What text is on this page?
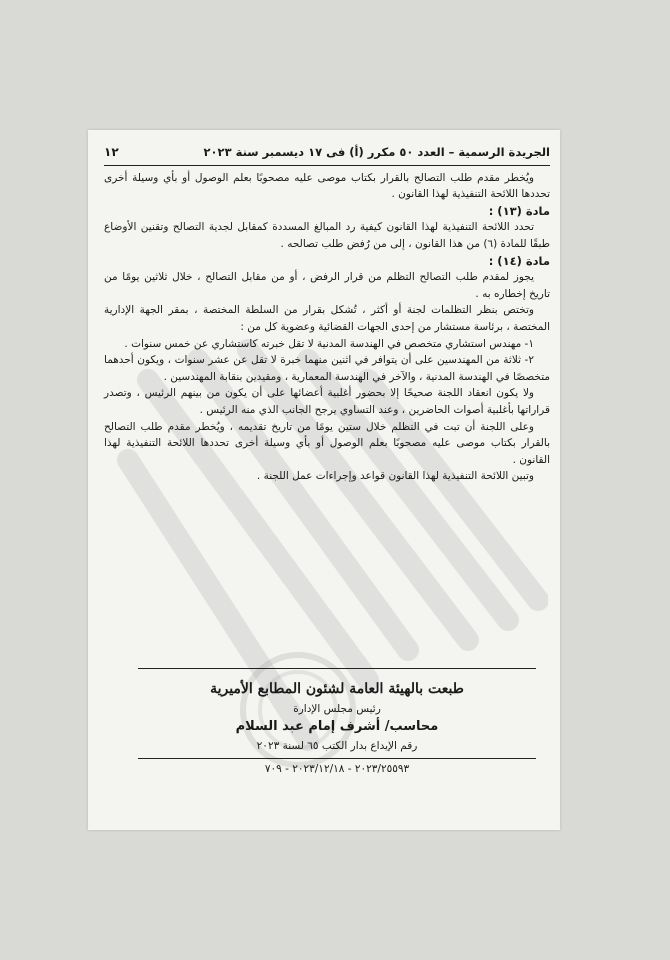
الجريدة الرسمية – العدد ٥٠ مكرر (أ) فى ١٧ ديسمبر سنة ٢٠٢٣
١٢

ويُخطر مقدم طلب التصالح بالقرار بكتاب موصى عليه مصحوبًا بعلم الوصول أو بأي وسيلة أخرى تحددها اللائحة التنفيذية لهذا القانون .

مادة (١٣) :

تحدد اللائحة التنفيذية لهذا القانون كيفية رد المبالغ المسددة كمقابل لجدية التصالح وتقنين الأوضاع طبقًا للمادة (٦) من هذا القانون ، إلى من رُفض طلب تصالحه .

مادة (١٤) :

يجوز لمقدم طلب التصالح التظلم من قرار الرفض ، أو من مقابل التصالح ، خلال ثلاثين يومًا من تاريخ إخطاره به .

وتختص بنظر التظلمات لجنة أو أكثر ، تُشكل بقرار من السلطة المختصة ، بمقر الجهة الإدارية المختصة ، برئاسة مستشار من إحدى الجهات القضائية وعضوية كل من :

١- مهندس استشاري متخصص في الهندسة المدنية لا تقل خبرته كاستشاري عن خمس سنوات .

٢- ثلاثة من المهندسين على أن يتوافر في اثنين منهما خبرة لا تقل عن عشر سنوات ، ويكون أحدهما متخصصًا في الهندسة المدنية ، والآخر في الهندسة المعمارية ، ومقيدين بنقابة المهندسين .

ولا يكون انعقاد اللجنة صحيحًا إلا بحضور أغلبية أعضائها على أن يكون من بينهم الرئيس ، وتصدر قراراتها بأغلبية أصوات الحاضرين ، وعند التساوي يرجح الجانب الذي منه الرئيس .

وعلى اللجنة أن تبت في التظلم خلال ستين يومًا من تاريخ تقديمه ، ويُخطر مقدم طلب التصالح بالقرار بكتاب موصى عليه مصحوبًا بعلم الوصول أو بأي وسيلة أخرى تحددها اللائحة التنفيذية لهذا القانون .

وتبين اللائحة التنفيذية لهذا القانون قواعد وإجراءات عمل اللجنة .

طبعت بالهيئة العامة لشئون المطابع الأميرية
رئيس مجلس الإدارة
محاسب/ أشرف إمام عبد السلام
رقم الإيداع بدار الكتب ٦٥ لسنة ٢٠٢٣
٢٠٢٣/٢٥٥٩٣ - ٢٠٢٣/١٢/١٨ - ٧٠٩
